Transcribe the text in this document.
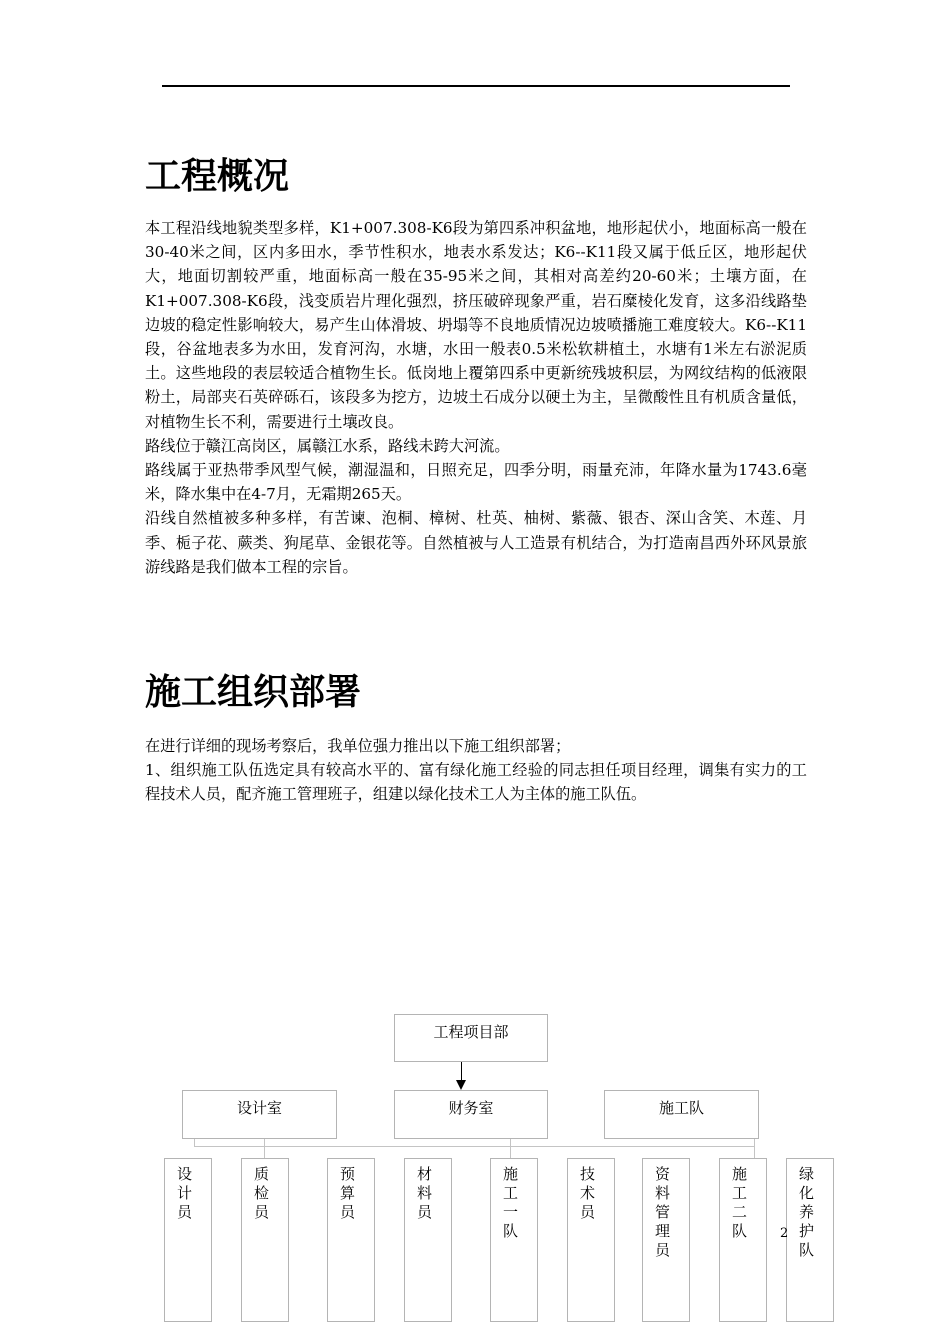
工程概况

本工程沿线地貌类型多样，K1+007.308-K6段为第四系冲积盆地，地形起伏小，地面标高一般在30-40米之间，区内多田水，季节性积水，地表水系发达；K6--K11段又属于低丘区，地形起伏大，地面切割较严重，地面标高一般在35-95米之间，其相对高差约20-60米；土壤方面，在K1+007.308-K6段，浅变质岩片理化强烈，挤压破碎现象严重，岩石糜棱化发育，这多沿线路垫边坡的稳定性影响较大，易产生山体滑坡、坍塌等不良地质情况边坡喷播施工难度较大。K6--K11段，谷盆地表多为水田，发育河沟，水塘，水田一般表0.5米松软耕植土，水塘有1米左右淤泥质土。这些地段的表层较适合植物生长。低岗地上覆第四系中更新统残坡积层，为网纹结构的低液限粉土，局部夹石英碎砾石，该段多为挖方，边坡土石成分以硬土为主，呈微酸性且有机质含量低，对植物生长不利，需要进行土壤改良。

路线位于赣江高岗区，属赣江水系，路线未跨大河流。

路线属于亚热带季风型气候，潮湿温和，日照充足，四季分明，雨量充沛，年降水量为1743.6毫米，降水集中在4-7月，无霜期265天。

沿线自然植被多种多样，有苦谏、泡桐、樟树、杜英、柚树、紫薇、银杏、深山含笑、木莲、月季、栀子花、蕨类、狗尾草、金银花等。自然植被与人工造景有机结合，为打造南昌西外环风景旅游线路是我们做本工程的宗旨。

施工组织部署

在进行详细的现场考察后，我单位强力推出以下施工组织部署；

1、组织施工队伍选定具有较高水平的、富有绿化施工经验的同志担任项目经理，调集有实力的工程技术人员，配齐施工管理班子，组建以绿化技术工人为主体的施工队伍。

工程项目部
设计室	财务室	施工队
设计员
质检员
预算员
材料员
施工一队
技术员
资料管理员
施工二队
绿化养护队
2
